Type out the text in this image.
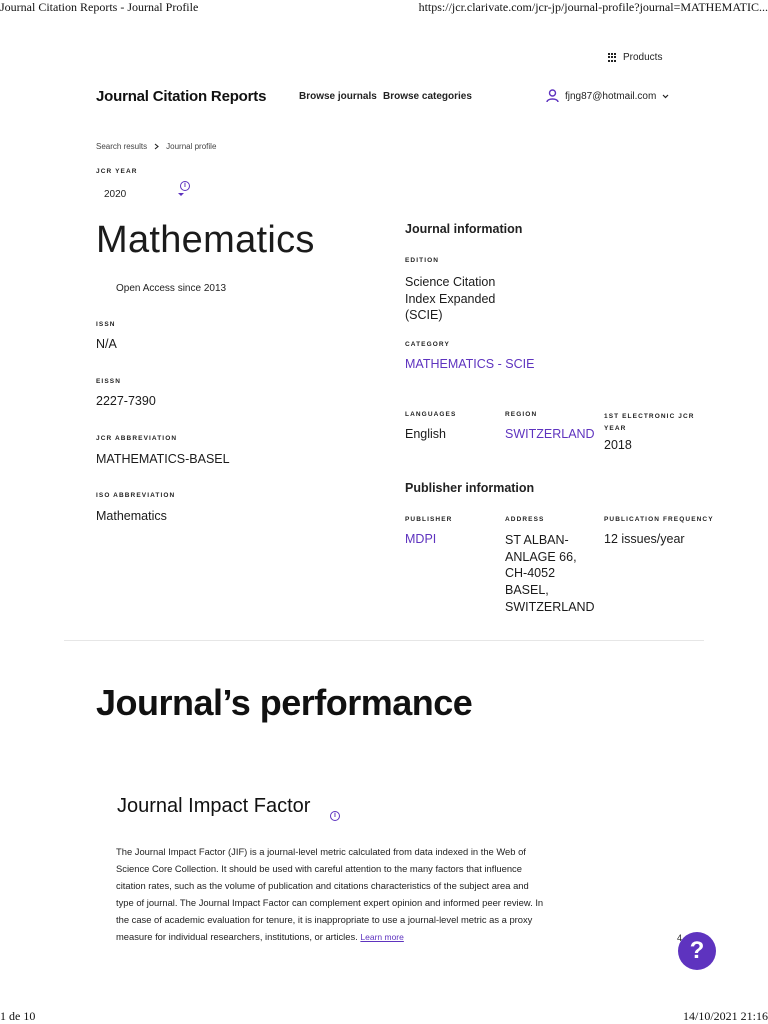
Journal Citation Reports - Journal Profile	https://jcr.clarivate.com/jcr-jp/journal-profile?journal=MATHEMATIC...
Products
Journal Citation Reports	Browse journals Browse categories	fjng87@hotmail.com
Search results Journal profile
JCR YEAR
2020
i
Mathematics
Open Access since 2013
ISSN
N/A
EISSN
2227-7390
JCR ABBREVIATION
MATHEMATICS-BASEL
ISO ABBREVIATION
Mathematics
Journal information
EDITION
Science Citation
Index Expanded
(SCIE)
CATEGORY
MATHEMATICS - SCIE
LANGUAGES
English
REGION
SWITZERLAND
1ST ELECTRONIC JCR
YEAR
2018
Publisher information
PUBLISHER
MDPI
ADDRESS
ST ALBAN-
ANLAGE 66,
CH-4052
BASEL,
SWITZERLAND
PUBLICATION FREQUENCY
12 issues/year
Journal’s performance
Journal Impact Factor	i
The Journal Impact Factor (JIF) is a journal-level metric calculated from data indexed in the Web of
Science Core Collection. It should be used with careful attention to the many factors that influence
citation rates, such as the volume of publication and citations characteristics of the subject area and
type of journal. The Journal Impact Factor can complement expert opinion and informed peer review. In
the case of academic evaluation for tenure, it is inappropriate to use a journal-level metric as a proxy
measure for individual researchers, institutions, or articles. Learn more	4 ?
1 de 10	14/10/2021 21:16
